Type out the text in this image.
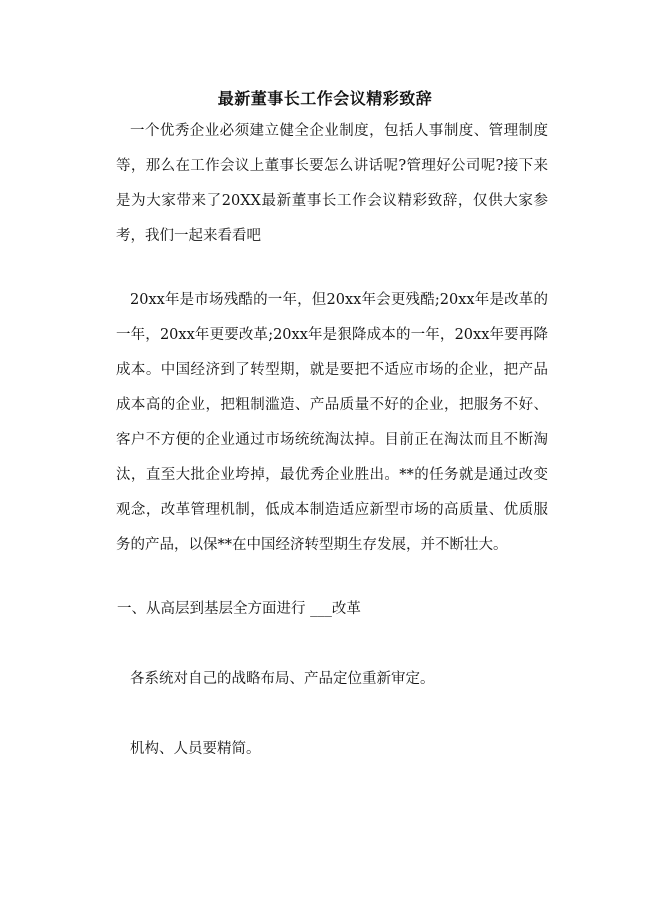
最新董事长工作会议精彩致辞

一个优秀企业必须建立健全企业制度，包括人事制度、管理制度等，那么在工作会议上董事长要怎么讲话呢?管理好公司呢?接下来是为大家带来了20XX最新董事长工作会议精彩致辞，仅供大家参考，我们一起来看看吧

20xx年是市场残酷的一年，但20xx年会更残酷;20xx年是改革的一年，20xx年更要改革;20xx年是狠降成本的一年，20xx年要再降成本。中国经济到了转型期，就是要把不适应市场的企业，把产品成本高的企业，把粗制滥造、产品质量不好的企业，把服务不好、客户不方便的企业通过市场统统淘汰掉。目前正在淘汰而且不断淘汰，直至大批企业垮掉，最优秀企业胜出。**的任务就是通过改变观念，改革管理机制，低成本制造适应新型市场的高质量、优质服务的产品，以保**在中国经济转型期生存发展，并不断壮大。

一、从高层到基层全方面进行 ___改革

各系统对自己的战略布局、产品定位重新审定。

机构、人员要精简。
